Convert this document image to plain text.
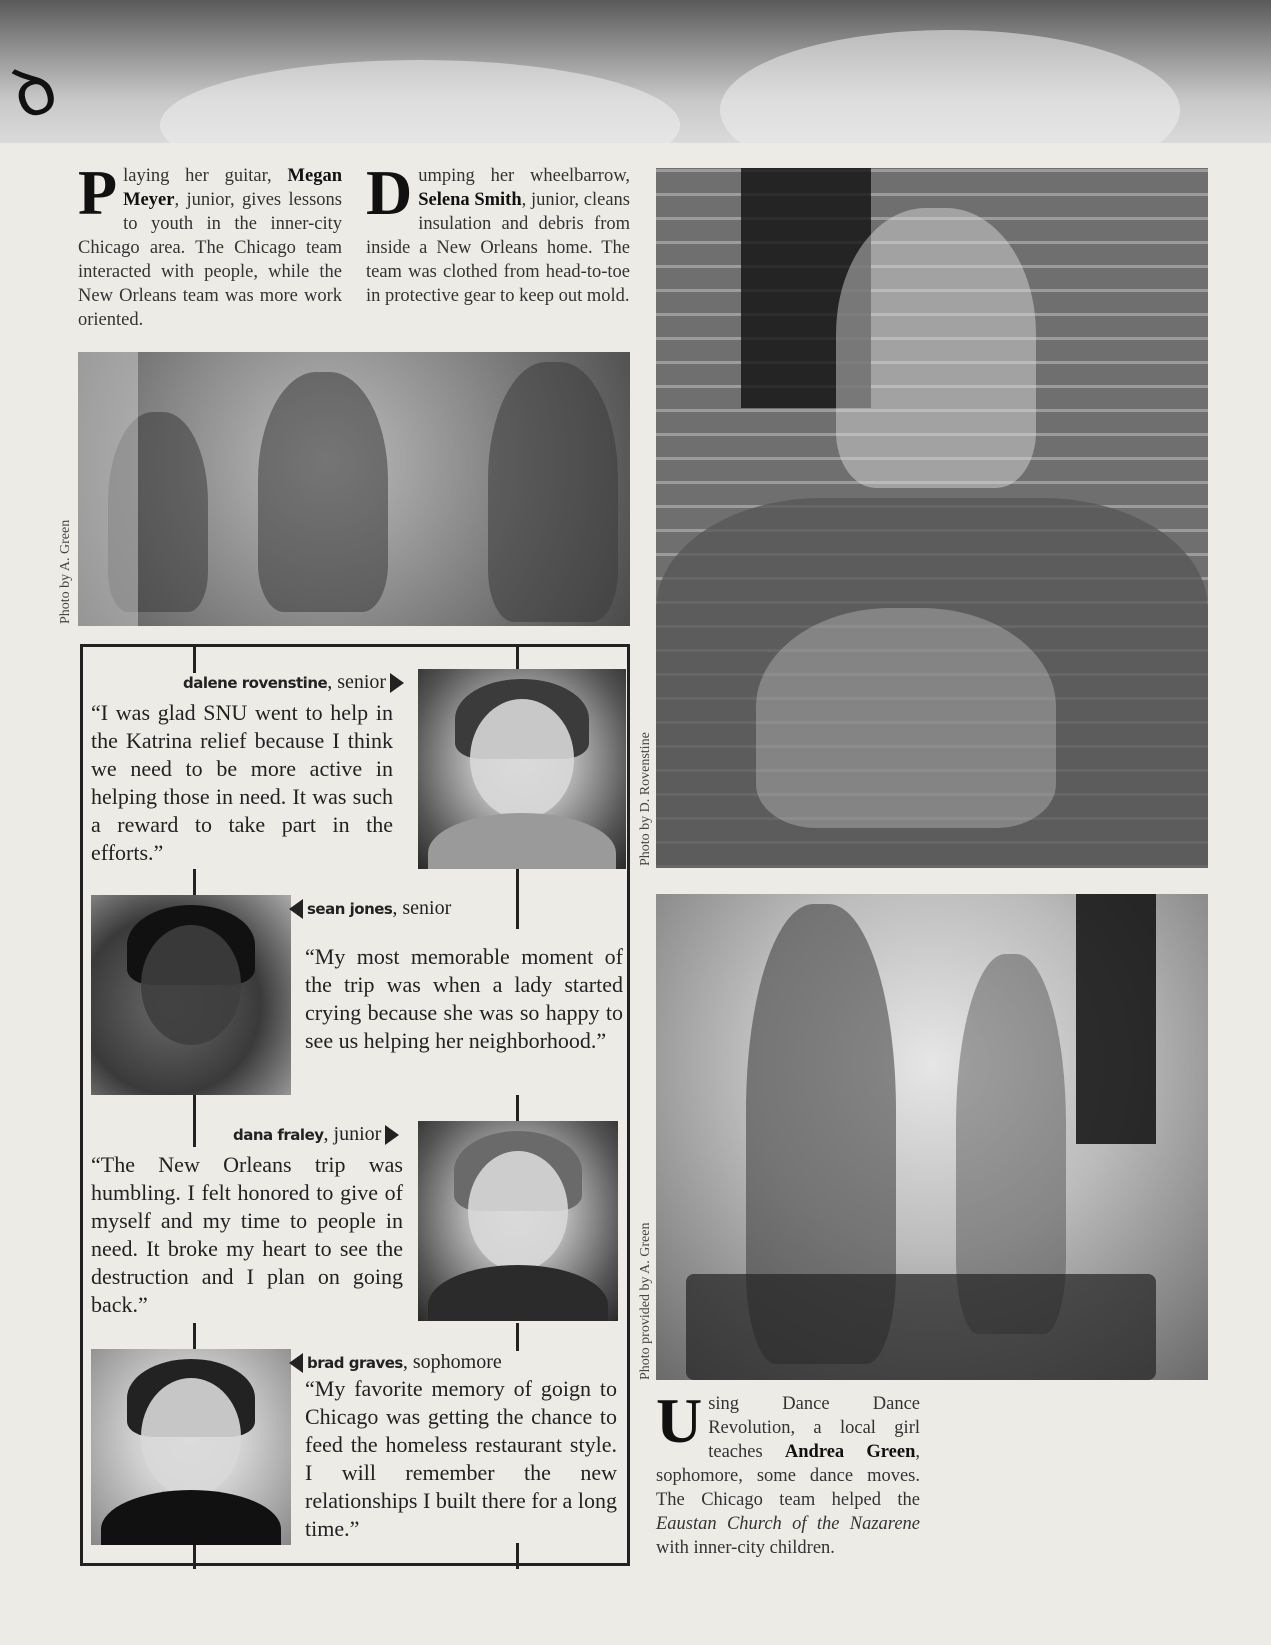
ꝺ
Playing her guitar, Megan Meyer, junior, gives lessons to youth in the inner-city Chicago area. The Chicago team interacted with people, while the New Orleans team was more work oriented.
Dumping her wheelbarrow, Selena Smith, junior, cleans insulation and debris from inside a New Orleans home. The team was clothed from head-to-toe in protective gear to keep out mold.
Photo by A. Green
Photo by D. Rovenstine
Photo provided by A. Green
Using Dance Dance Revolution, a local girl teaches Andrea Green, sophomore, some dance moves. The Chicago team helped the Eaustan Church of the Nazarene with inner-city children.
dalene rovenstine, senior
“I was glad SNU went to help in the Katrina relief because I think we need to be more active in helping those in need. It was such a reward to take part in the efforts.”
sean jones, senior
“My most memorable moment of the trip was when a lady started crying because she was so happy to see us helping her neighborhood.”
dana fraley, junior
“The New Orleans trip was humbling. I felt honored to give of myself and my time to people in need. It broke my heart to see the destruction and I plan on going back.”
brad graves, sophomore
“My favorite memory of goign to Chicago was getting the chance to feed the homeless restaurant style. I will remember the new relationships I built there for a long time.”
